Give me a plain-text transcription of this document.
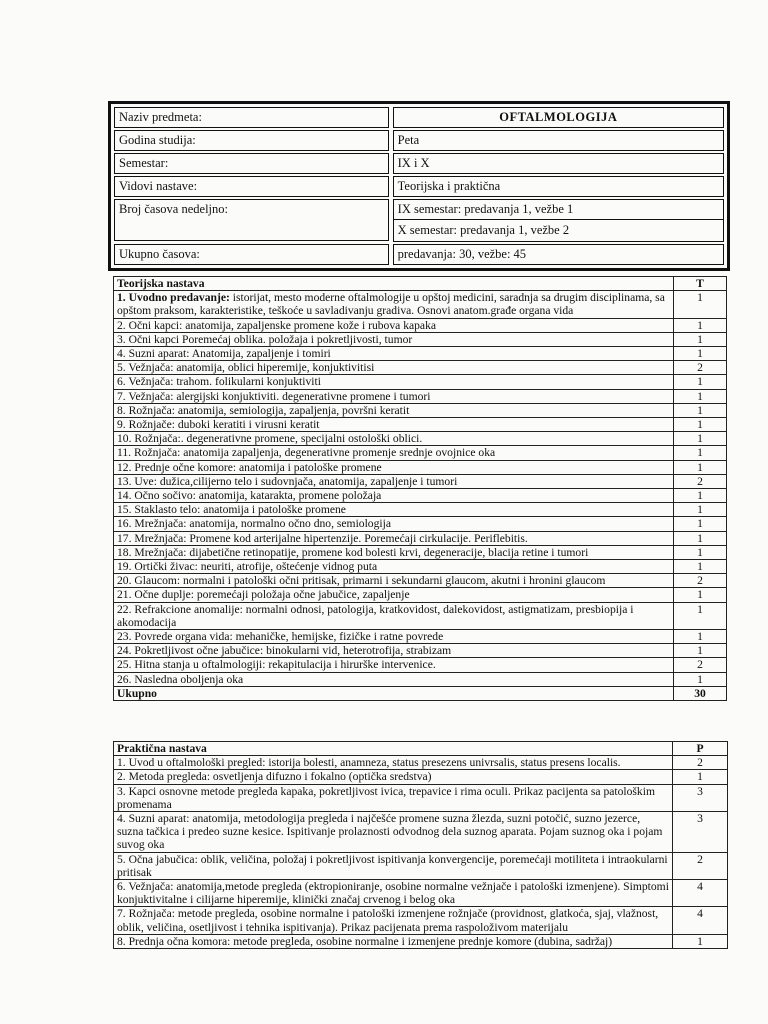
Naziv predmeta:	OFTALMOLOGIJA
Godina studija:	Peta
Semestar:	IX i X
Vidovi nastave:	Teorijska i praktična
Broj časova nedeljno:	IX semestar: predavanja 1, vežbe 1
X semestar: predavanja 1, vežbe 2
Ukupno časova:	predavanja: 30, vežbe: 45
Teorijska nastava	T
1. Uvodno predavanje: istorijat, mesto moderne oftalmologije u opštoj medicini, saradnja sa drugim disciplinama, sa opštom praksom, karakteristike, teškoće u savladivanju gradiva. Osnovi anatom.građe organa vida	1
2. Očni kapci: anatomija, zapaljenske promene kože i rubova kapaka	1
3. Očni kapci Poremećaj oblika. položaja i pokretljivosti, tumor	1
4. Suzni aparat: Anatomija, zapaljenje i tomiri	1
5. Vežnjača: anatomija, oblici hiperemije, konjuktivitisi	2
6. Vežnjača: trahom. folikularni konjuktiviti	1
7. Vežnjača: alergijski konjuktiviti. degenerativne promene i tumori	1
8. Rožnjača: anatomija, semiologija, zapaljenja, površni keratit	1
9. Rožnjače: duboki keratiti i virusni keratit	1
10. Rožnjača:. degenerativne promene, specijalni ostološki oblici.	1
11. Rožnjača: anatomija zapaljenja, degenerativne promenje srednje ovojnice oka	1
12. Prednje očne komore: anatomija i patološke promene	1
13. Uve: dužica,cilijerno telo i sudovnjača, anatomija, zapaljenje i tumori	2
14. Očno sočivo: anatomija, katarakta, promene položaja	1
15. Staklasto telo: anatomija i patološke promene	1
16. Mrežnjača: anatomija, normalno očno dno, semiologija	1
17. Mrežnjača: Promene kod arterijalne hipertenzije. Poremećaji cirkulacije. Periflebitis.	1
18. Mrežnjača: dijabetične retinopatije, promene kod bolesti krvi, degeneracije, blacija retine i tumori	1
19. Ortički živac: neuriti, atrofije, oštećenje vidnog puta	1
20. Glaucom: normalni i patološki očni pritisak, primarni i sekundarni glaucom, akutni i hronini glaucom	2
21. Očne duplje: poremećaji položaja očne jabučice, zapaljenje	1
22. Refrakcione anomalije: normalni odnosi, patologija, kratkovidost, dalekovidost, astigmatizam, presbiopija i akomodacija	1
23. Povrede organa vida: mehaničke, hemijske, fizičke i ratne povrede	1
24. Pokretljivost očne jabučice: binokularni vid, heterotrofija, strabizam	1
25. Hitna stanja u oftalmologiji: rekapitulacija i hirurške intervenice.	2
26. Nasledna oboljenja oka	1
Ukupno	30
Praktična nastava	P
1. Uvod u oftalmološki pregled: istorija bolesti, anamneza, status presezens univrsalis, status presens localis.	2
2. Metoda pregleda: osvetljenja difuzno i fokalno (optička sredstva)	1
3. Kapci osnovne metode pregleda kapaka, pokretljivost ivica, trepavice i rima oculi. Prikaz pacijenta sa patološkim promenama	3
4. Suzni aparat: anatomija, metodologija pregleda i najčešće promene suzna žlezda, suzni potočić, suzno jezerce, suzna tačkica i predeo suzne kesice. Ispitivanje prolaznosti odvodnog dela suznog aparata. Pojam suznog oka i pojam suvog oka	3
5. Očna jabučica: oblik, veličina, položaj i pokretljivost ispitivanja konvergencije, poremećaji motiliteta i intraokularni pritisak	2
6. Vežnjača: anatomija,metode pregleda (ektropioniranje, osobine normalne vežnjače i patološki izmenjene). Simptomi konjuktivitalne i cilijarne hiperemije, klinički značaj crvenog i belog oka	4
7. Rožnjača: metode pregleda, osobine normalne i patološki izmenjene rožnjače (providnost, glatkoća, sjaj, vlažnost, oblik, veličina, osetljivost i tehnika ispitivanja). Prikaz pacijenata prema raspoloživom materijalu	4
8. Prednja očna komora: metode pregleda, osobine normalne i izmenjene prednje komore (dubina, sadržaj)	1
